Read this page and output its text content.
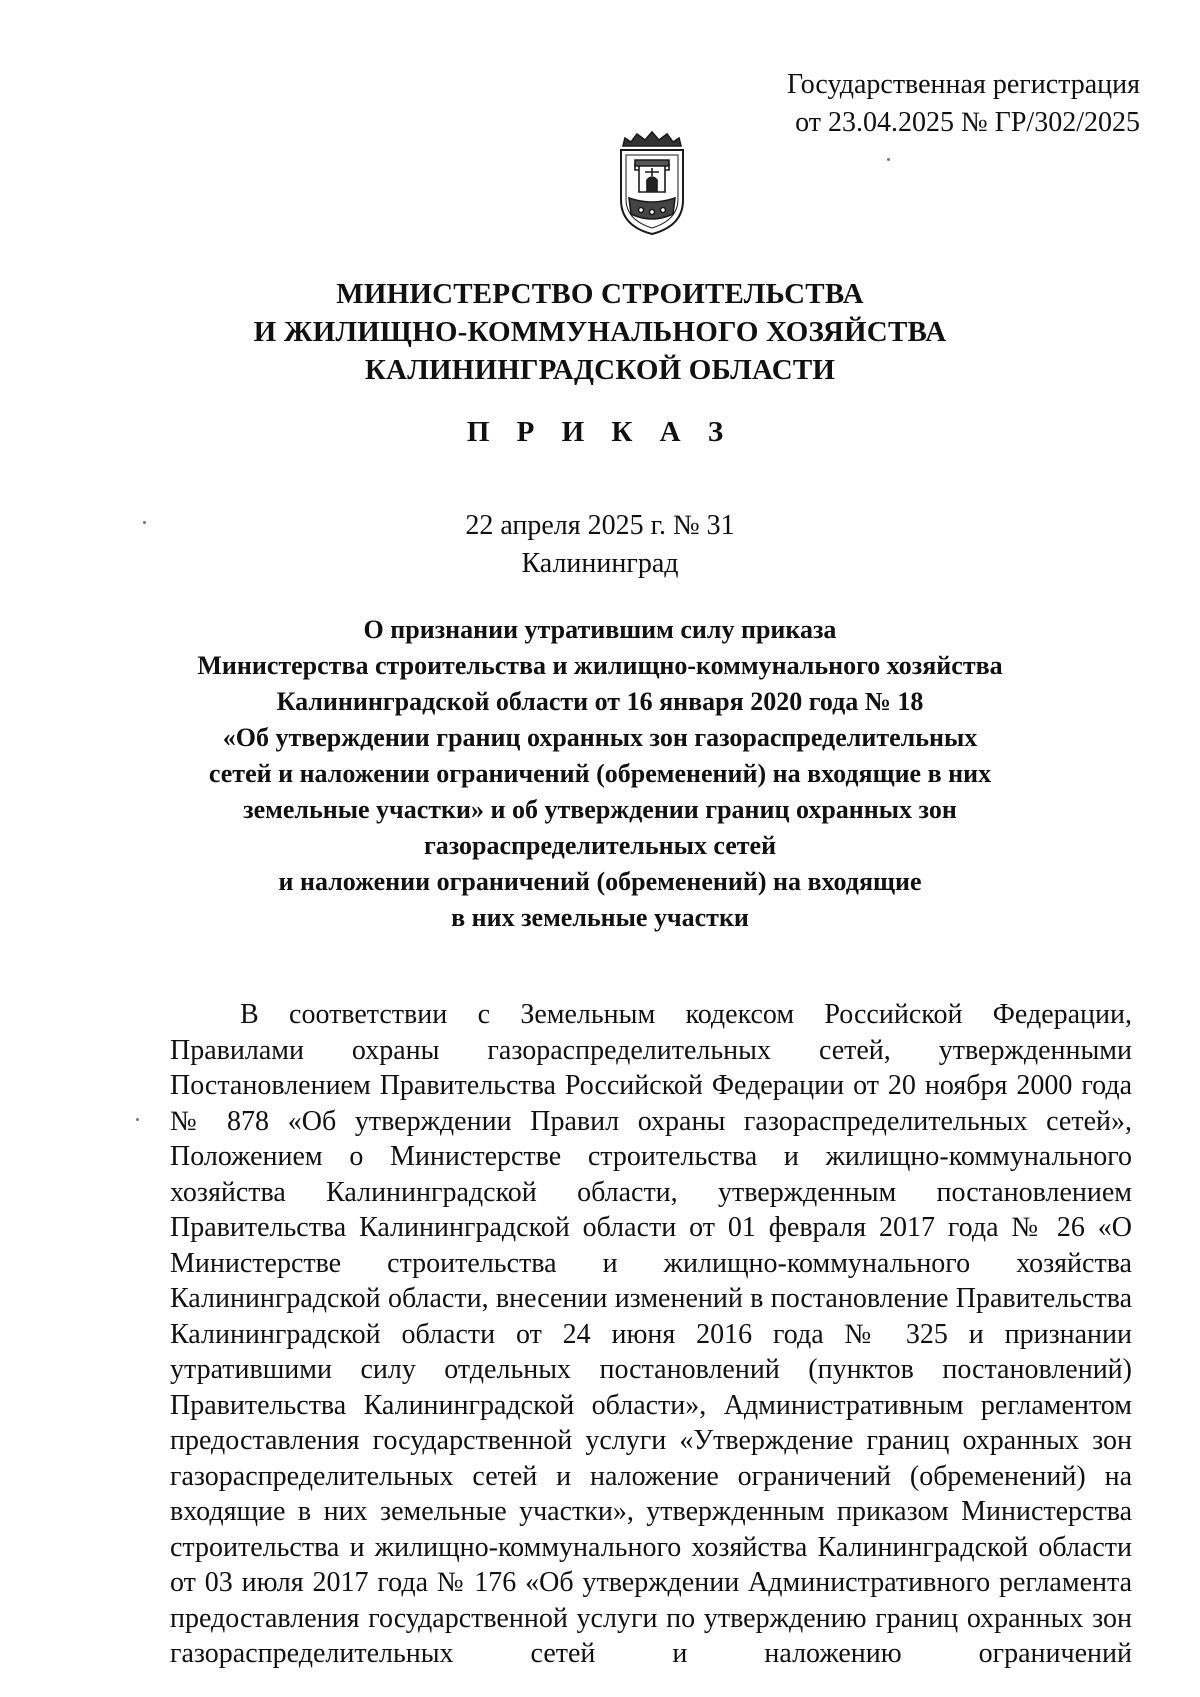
Государственная регистрация
от 23.04.2025 № ГР/302/2025
МИНИСТЕРСТВО СТРОИТЕЛЬСТВА
И ЖИЛИЩНО-КОММУНАЛЬНОГО ХОЗЯЙСТВА
КАЛИНИНГРАДСКОЙ ОБЛАСТИ
П Р И К А З
22 апреля 2025 г. № 31
Калининград
О признании утратившим силу приказа
Министерства строительства и жилищно-коммунального хозяйства
Калининградской области от 16 января 2020 года № 18
«Об утверждении границ охранных зон газораспределительных
сетей и наложении ограничений (обременений) на входящие в них
земельные участки» и об утверждении границ охранных зон
газораспределительных сетей
и наложении ограничений (обременений) на входящие
в них земельные участки

В соответствии с Земельным кодексом Российской Федерации, Правилами охраны газораспределительных сетей, утвержденными Постановлением Правительства Российской Федерации от 20 ноября 2000 года № 878 «Об утверждении Правил охраны газораспределительных сетей», Положением о Министерстве строительства и жилищно-коммунального хозяйства Калининградской области, утвержденным постановлением Правительства Калининградской области от 01 февраля 2017 года № 26 «О Министерстве строительства и жилищно-коммунального хозяйства Калининградской области, внесении изменений в постановление Правительства Калининградской области от 24 июня 2016 года № 325 и признании утратившими силу отдельных постановлений (пунктов постановлений) Правительства Калининградской области», Административным регламентом предоставления государственной услуги «Утверждение границ охранных зон газораспределительных сетей и наложение ограничений (обременений) на входящие в них земельные участки», утвержденным приказом Министерства строительства и жилищно-коммунального хозяйства Калининградской области от 03 июля 2017 года № 176 «Об утверждении Административного регламента предоставления государственной услуги по утверждению границ охранных зон газораспределительных сетей и наложению ограничений
